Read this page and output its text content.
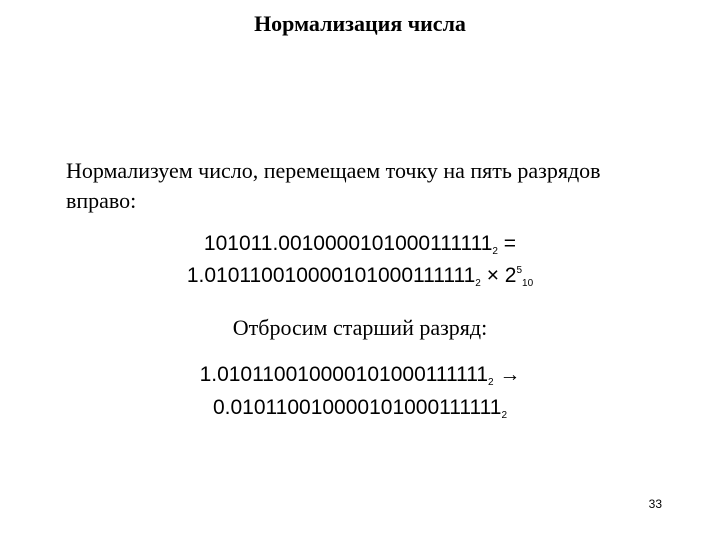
Нормализация числа
Нормализуем число, перемещаем точку на пять разрядов вправо:
$101011.0010000101000111111_2$ =
$1.010110010000101000111111_2 \times 2^5_{10}$
Отбросим старший разряд:
$1.010110010000101000111111_2$ →
$0.010110010000101000111111_2$
33
